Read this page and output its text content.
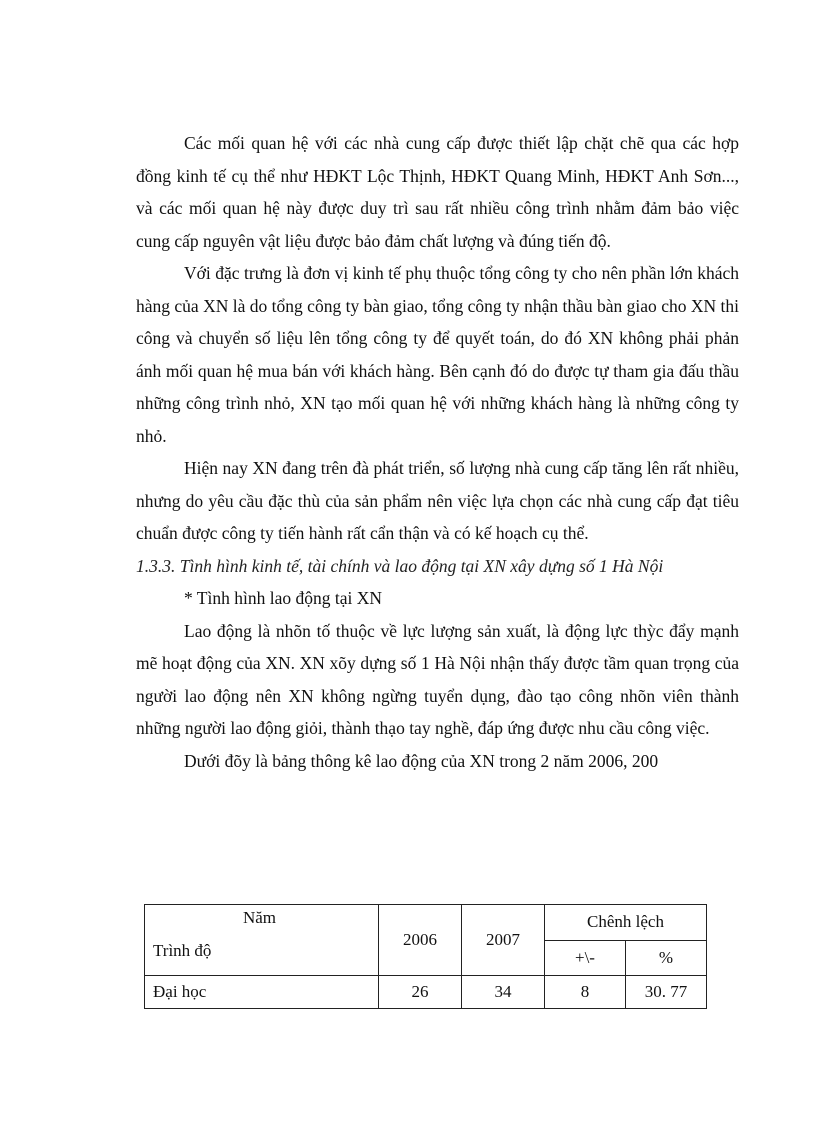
Các mối quan hệ với các nhà cung cấp được thiết lập chặt chẽ qua các hợp đồng kinh tế cụ thể như HĐKT Lộc Thịnh, HĐKT Quang Minh, HĐKT Anh Sơn..., và các mối quan hệ này được duy trì sau rất nhiều công trình nhằm đảm bảo việc cung cấp nguyên vật liệu được bảo đảm chất lượng và đúng tiến độ.

Với đặc trưng là đơn vị kinh tế phụ thuộc tổng công ty cho nên phần lớn khách hàng của XN là do tổng công ty bàn giao, tổng công ty nhận thầu bàn giao cho XN thi công và chuyển số liệu lên tổng công ty để quyết toán, do đó XN không phải phản ánh mối quan hệ mua bán với khách hàng. Bên cạnh đó do được tự tham gia đấu thầu những công trình nhỏ, XN tạo mối quan hệ với những khách hàng là những công ty nhỏ.

Hiện nay XN đang trên đà phát triển, số lượng nhà cung cấp tăng lên rất nhiều, nhưng do yêu cầu đặc thù của sản phẩm nên việc lựa chọn các nhà cung cấp đạt tiêu chuẩn được công ty tiến hành rất cẩn thận và có kế hoạch cụ thể.

1.3.3. Tình hình kinh tế, tài chính và lao động tại XN xây dựng số 1 Hà Nội

* Tình hình lao động tại XN

Lao động là nhõn tố thuộc về lực lượng sản xuất, là động lực thỳc đẩy mạnh mẽ hoạt động của XN. XN xõy dựng số 1 Hà Nội nhận thấy được tầm quan trọng của người lao động nên XN không ngừng tuyển dụng, đào tạo công nhõn viên thành những người lao động giỏi, thành thạo tay nghề, đáp ứng được nhu cầu công việc.

Dưới đõy là bảng thông kê lao động của XN trong 2 năm 2006, 200

Năm
Trình độ	2006	2007	Chênh lệch	
			+\-	%
Đại học	26	34	8	30. 77
